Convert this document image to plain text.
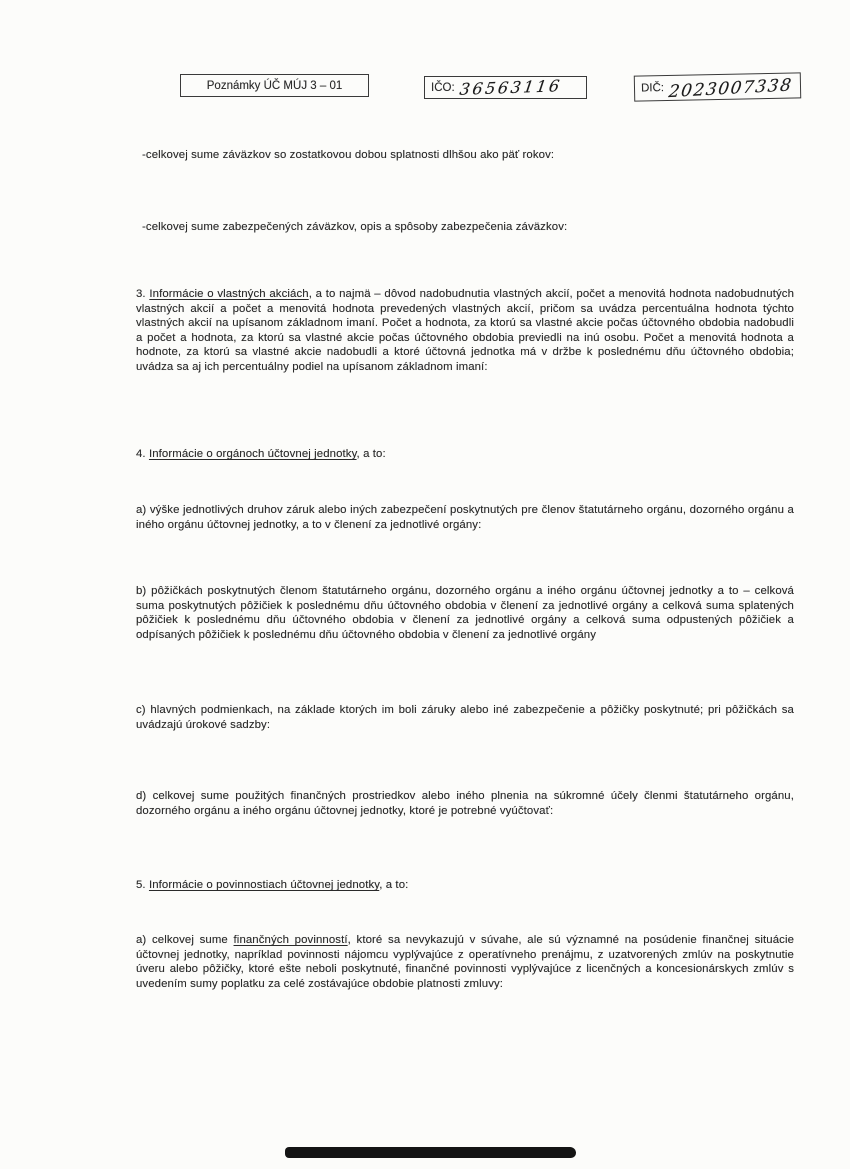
Poznámky ÚČ MÚJ 3 – 01	IČO: 36563116	DIČ: 2023007338

-celkovej sume záväzkov so zostatkovou dobou splatnosti dlhšou ako päť rokov:

-celkovej sume zabezpečených záväzkov, opis a spôsoby zabezpečenia záväzkov:

3. Informácie o vlastných akciách, a to najmä – dôvod nadobudnutia vlastných akcií, počet a menovitá hodnota nadobudnutých vlastných akcií a počet a menovitá hodnota prevedených vlastných akcií, pričom sa uvádza percentuálna hodnota týchto vlastných akcií na upísanom základnom imaní. Počet a hodnota, za ktorú sa vlastné akcie počas účtovného obdobia nadobudli a počet a hodnota, za ktorú sa vlastné akcie počas účtovného obdobia previedli na inú osobu. Počet a menovitá hodnota a hodnote, za ktorú sa vlastné akcie nadobudli a ktoré účtovná jednotka má v držbe k poslednému dňu účtovného obdobia; uvádza sa aj ich percentuálny podiel na upísanom základnom imaní:

4. Informácie o orgánoch účtovnej jednotky, a to:

a) výške jednotlivých druhov záruk alebo iných zabezpečení poskytnutých pre členov štatutárneho orgánu, dozorného orgánu a iného orgánu účtovnej jednotky, a to v členení za jednotlivé orgány:

b) pôžičkách poskytnutých členom štatutárneho orgánu, dozorného orgánu a iného orgánu účtovnej jednotky a to – celková suma poskytnutých pôžičiek k poslednému dňu účtovného obdobia v členení za jednotlivé orgány a celková suma splatených pôžičiek k poslednému dňu účtovného obdobia v členení za jednotlivé orgány a celková suma odpustených pôžičiek a odpísaných pôžičiek k poslednému dňu účtovného obdobia v členení za jednotlivé orgány

c) hlavných podmienkach, na základe ktorých im boli záruky alebo iné zabezpečenie a pôžičky poskytnuté; pri pôžičkách sa uvádzajú úrokové sadzby:

d) celkovej sume použitých finančných prostriedkov alebo iného plnenia na súkromné účely členmi štatutárneho orgánu, dozorného orgánu a iného orgánu účtovnej jednotky, ktoré je potrebné vyúčtovať:

5. Informácie o povinnostiach účtovnej jednotky, a to:

a) celkovej sume finančných povinností, ktoré sa nevykazujú v súvahe, ale sú významné na posúdenie finančnej situácie účtovnej jednotky, napríklad povinnosti nájomcu vyplývajúce z operatívneho prenájmu, z uzatvorených zmlúv na poskytnutie úveru alebo pôžičky, ktoré ešte neboli poskytnuté, finančné povinnosti vyplývajúce z licenčných a koncesionárskych zmlúv s uvedením sumy poplatku za celé zostávajúce obdobie platnosti zmluvy:
